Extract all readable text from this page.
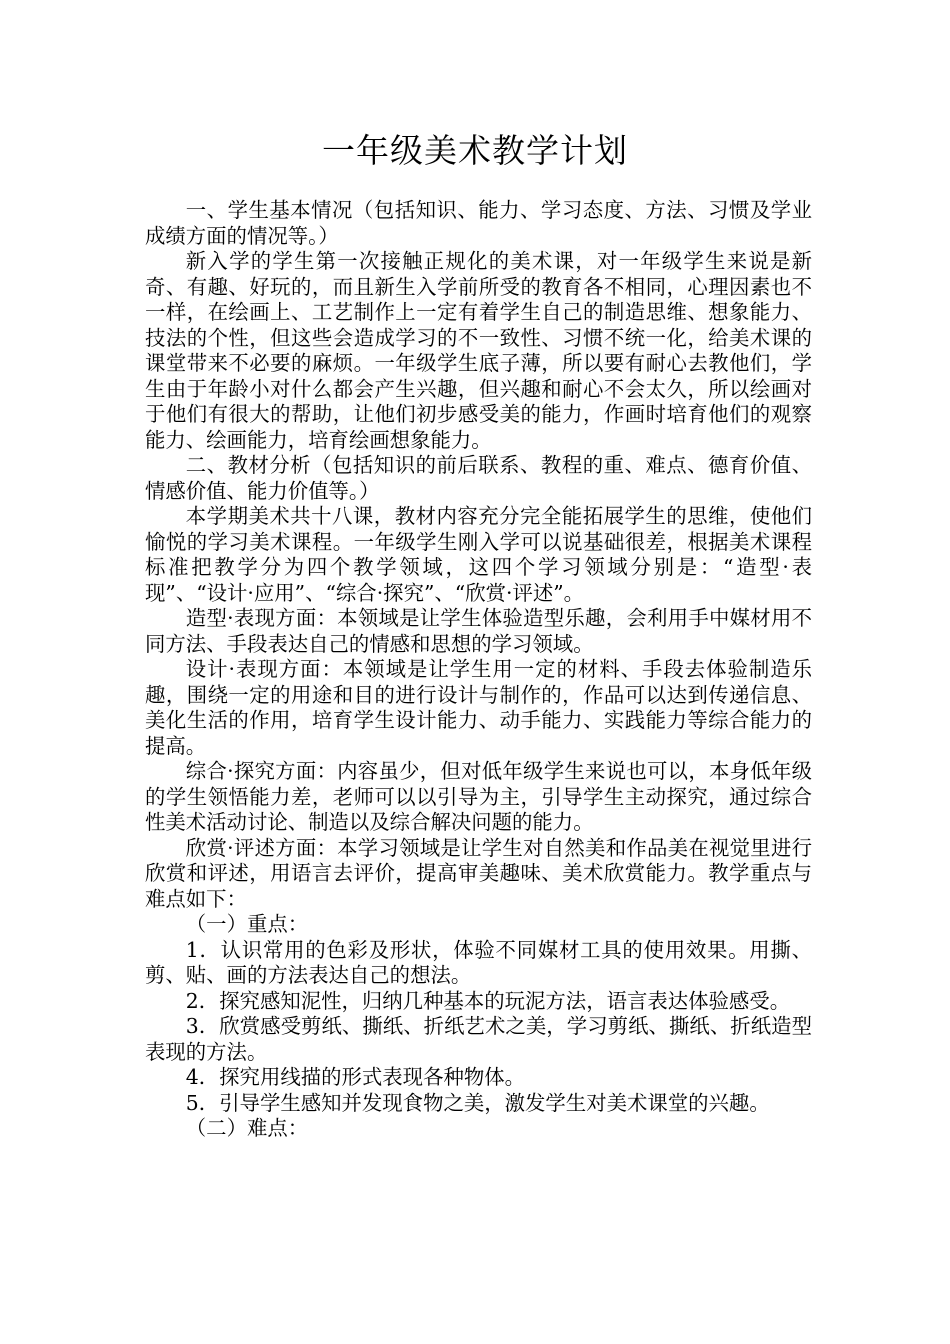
一年级美术教学计划

一、学生基本情况（包括知识、能力、学习态度、方法、习惯及学业成绩方面的情况等。）

新入学的学生第一次接触正规化的美术课，对一年级学生来说是新奇、有趣、好玩的，而且新生入学前所受的教育各不相同，心理因素也不一样，在绘画上、工艺制作上一定有着学生自己的制造思维、想象能力、技法的个性，但这些会造成学习的不一致性、习惯不统一化，给美术课的课堂带来不必要的麻烦。一年级学生底子薄，所以要有耐心去教他们，学生由于年龄小对什么都会产生兴趣，但兴趣和耐心不会太久，所以绘画对于他们有很大的帮助，让他们初步感受美的能力，作画时培育他们的观察能力、绘画能力，培育绘画想象能力。

二、教材分析（包括知识的前后联系、教程的重、难点、德育价值、情感价值、能力价值等。）

本学期美术共十八课，教材内容充分完全能拓展学生的思维，使他们愉悦的学习美术课程。一年级学生刚入学可以说基础很差，根据美术课程标准把教学分为四个教学领域，这四个学习领域分别是：“造型·表现”、“设计·应用”、“综合·探究”、“欣赏·评述”。

造型·表现方面：本领域是让学生体验造型乐趣，会利用手中媒材用不同方法、手段表达自己的情感和思想的学习领域。

设计·表现方面：本领域是让学生用一定的材料、手段去体验制造乐趣，围绕一定的用途和目的进行设计与制作的，作品可以达到传递信息、美化生活的作用，培育学生设计能力、动手能力、实践能力等综合能力的提高。

综合·探究方面：内容虽少，但对低年级学生来说也可以，本身低年级的学生领悟能力差，老师可以以引导为主，引导学生主动探究，通过综合性美术活动讨论、制造以及综合解决问题的能力。

欣赏·评述方面：本学习领域是让学生对自然美和作品美在视觉里进行欣赏和评述，用语言去评价，提高审美趣味、美术欣赏能力。教学重点与难点如下：

（一）重点：

1．认识常用的色彩及形状，体验不同媒材工具的使用效果。用撕、剪、贴、画的方法表达自己的想法。

2．探究感知泥性，归纳几种基本的玩泥方法，语言表达体验感受。

3．欣赏感受剪纸、撕纸、折纸艺术之美，学习剪纸、撕纸、折纸造型表现的方法。

4．探究用线描的形式表现各种物体。

5．引导学生感知并发现食物之美，激发学生对美术课堂的兴趣。

（二）难点：
